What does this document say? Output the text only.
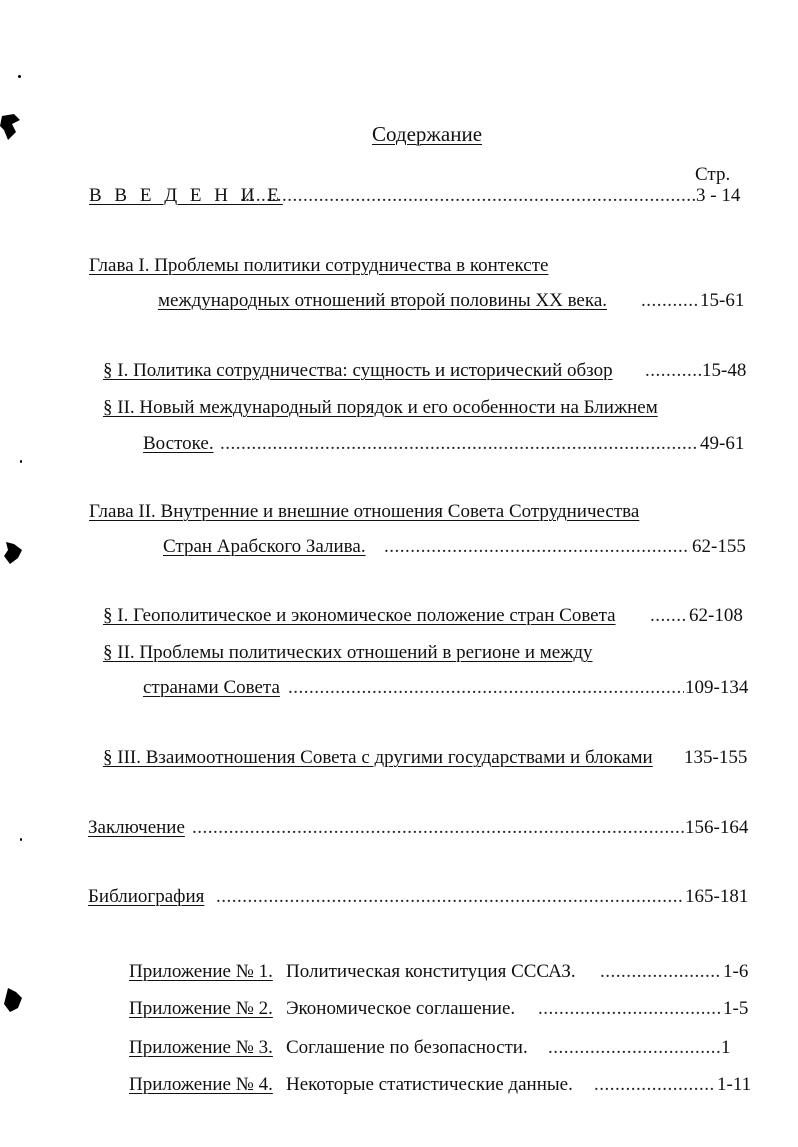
Содержание
Стр.
В В Е Д Е Н И Е .....	3 - 14
Глава I. Проблемы политики сотрудничества в контексте
международных отношений второй половины XX века. .....	15-61
§ I. Политика сотрудничества: сущность и исторический обзор .....	15-48
§ II. Новый международный порядок и его особенности на Ближнем
Востоке. .....	49-61
Глава II. Внутренние и внешние отношения Совета Сотрудничества
Стран Арабского Залива. .....	62-155
§ I. Геополитическое и экономическое положение стран Совета .....	62-108
§ II. Проблемы политических отношений в регионе и между
странами Совета .....	109-134
§ III. Взаимоотношения Совета с другими государствами и блоками	135-155
Заключение .....	156-164
Библиография .....	165-181
Приложение № 1. Политическая конституция СССАЗ. .....	1-6
Приложение № 2. Экономическое соглашение. .....	1-5
Приложение № 3. Соглашение по безопасности. .....	1
Приложение № 4. Некоторые статистические данные. .....	1-11
